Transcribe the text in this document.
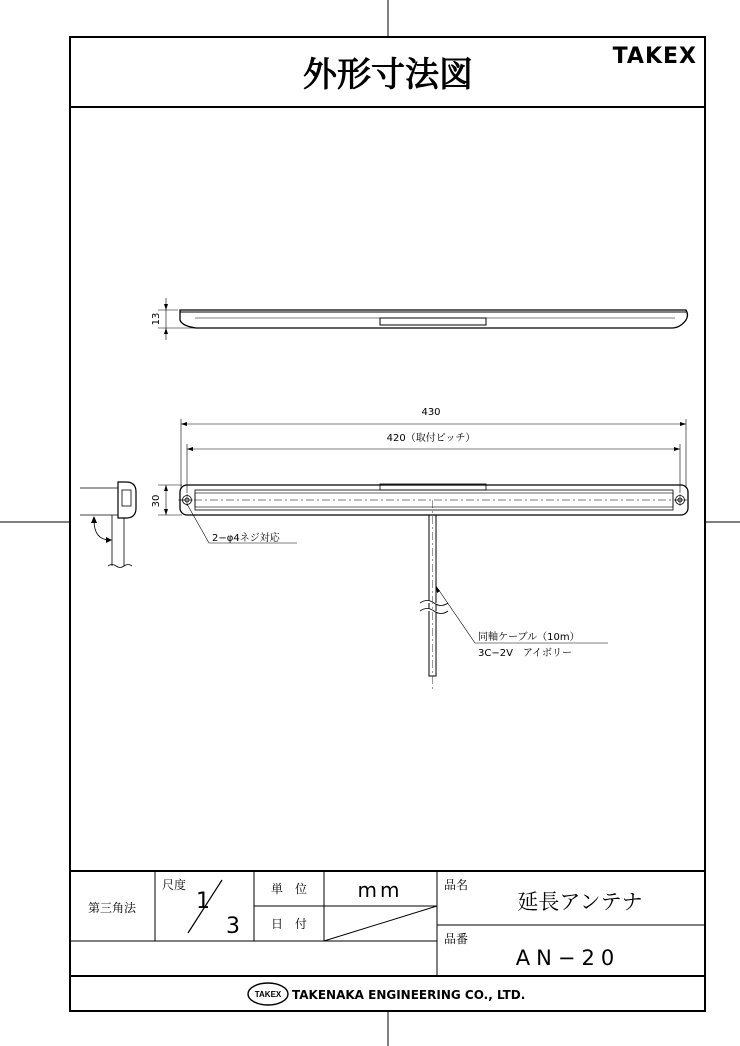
外形寸法図	TAKEX
13
430
420（取付ピッチ）
30
2−φ4ネジ対応
同軸ケーブル（10m）
3C−2V　アイボリー
第三角法
尺度
1
3
単　位	mm
日　付
品名
延長アンテナ
品番
AN−20
TAKEX TAKENAKA ENGINEERING CO., LTD.
